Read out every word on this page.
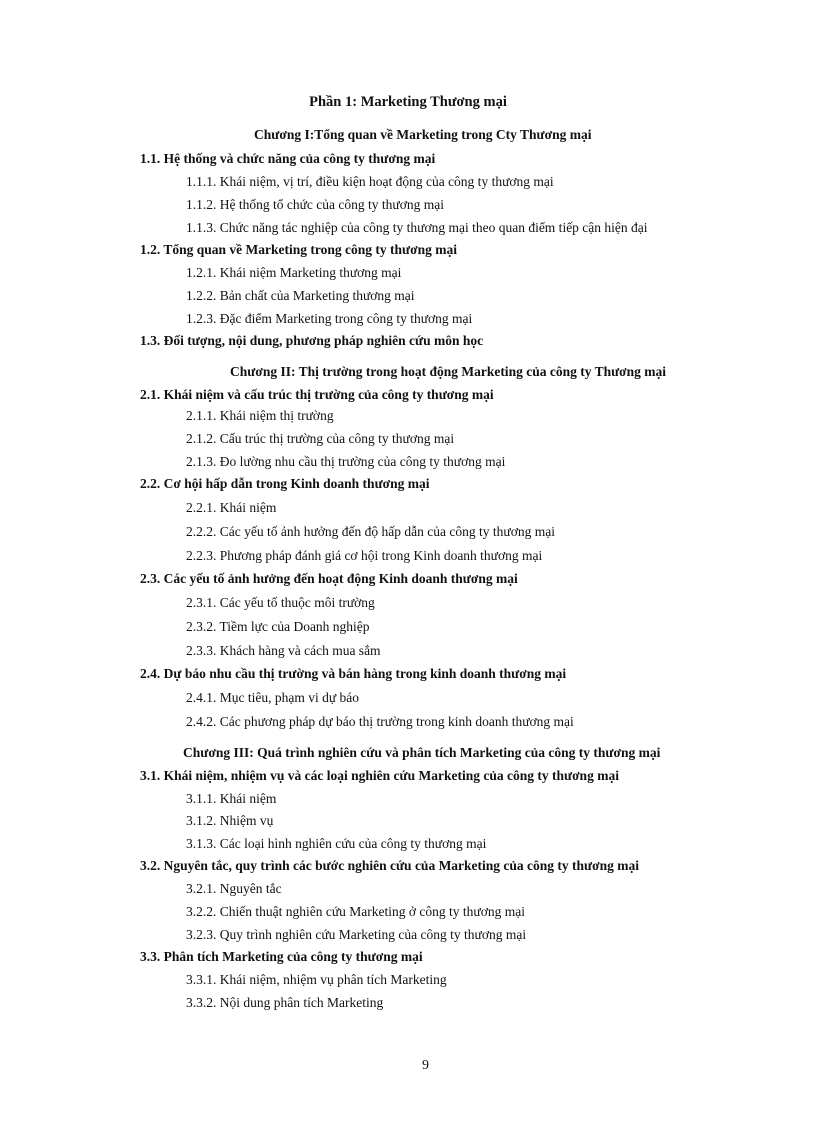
Phần 1: Marketing Thương mại
Chương I:Tổng quan về Marketing trong Cty Thương mại
1.1. Hệ thống và chức năng của công ty thương mại
1.1.1. Khái niệm, vị trí, điều kiện hoạt động của công ty thương mại
1.1.2. Hệ thống tổ chức của công ty thương mại
1.1.3. Chức năng tác nghiệp của công ty thương mại theo quan điểm tiếp cận hiện đại
1.2. Tổng quan về Marketing trong công ty thương mại
1.2.1. Khái niệm Marketing thương mại
1.2.2. Bản chất của Marketing thương mại
1.2.3. Đặc điểm Marketing trong công ty thương mại
1.3. Đối tượng, nội dung, phương pháp nghiên cứu môn học
Chương II: Thị trường trong hoạt động Marketing của công ty Thương mại
2.1. Khái niệm và cấu trúc thị trường của công ty thương mại
2.1.1. Khái niệm thị trường
2.1.2. Cấu trúc thị trường của công ty thương mại
2.1.3. Đo lường nhu cầu thị trường của công ty thương mại
2.2. Cơ hội hấp dẫn trong Kinh doanh thương mại
2.2.1. Khái niệm
2.2.2. Các yếu tố ảnh hưởng đến độ hấp dẫn của công ty thương mại
2.2.3. Phương pháp đánh giá cơ hội trong Kinh doanh thương mại
2.3. Các yếu tố ảnh hưởng đến hoạt động Kinh doanh thương mại
2.3.1. Các yếu tố thuộc môi trường
2.3.2. Tiềm lực của Doanh nghiệp
2.3.3. Khách hàng và cách mua sắm
2.4. Dự báo nhu cầu thị trường và bán hàng trong kinh doanh thương mại
2.4.1. Mục tiêu, phạm vi dự báo
2.4.2. Các phương pháp dự báo thị trường trong kinh doanh thương mại
Chương III: Quá trình nghiên cứu và phân tích Marketing của công ty thương mại
3.1. Khái niệm, nhiệm vụ và các loại nghiên cứu Marketing của công ty thương mại
3.1.1. Khái niệm
3.1.2. Nhiệm vụ
3.1.3. Các loại hình nghiên cứu của công ty thương mại
3.2. Nguyên tắc, quy trình các bước nghiên cứu của Marketing của công ty thương mại
3.2.1. Nguyên tắc
3.2.2. Chiến thuật nghiên cứu Marketing ở công ty thương mại
3.2.3. Quy trình nghiên cứu Marketing của công ty thương mại
3.3. Phân tích Marketing của công ty thương mại
3.3.1. Khái niệm, nhiệm vụ phân tích Marketing
3.3.2. Nội dung phân tích Marketing
9
